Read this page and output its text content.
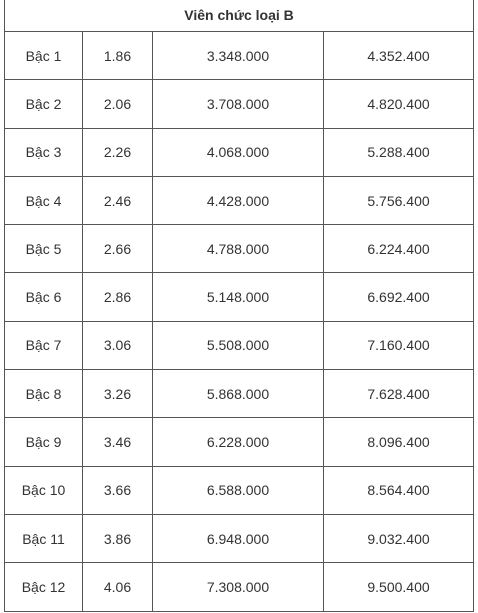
Viên chức loại B			
Bậc 1	1.86	3.348.000	4.352.400
Bậc 2	2.06	3.708.000	4.820.400
Bậc 3	2.26	4.068.000	5.288.400
Bậc 4	2.46	4.428.000	5.756.400
Bậc 5	2.66	4.788.000	6.224.400
Bậc 6	2.86	5.148.000	6.692.400
Bậc 7	3.06	5.508.000	7.160.400
Bậc 8	3.26	5.868.000	7.628.400
Bậc 9	3.46	6.228.000	8.096.400
Bậc 10	3.66	6.588.000	8.564.400
Bậc 11	3.86	6.948.000	9.032.400
Bậc 12	4.06	7.308.000	9.500.400
